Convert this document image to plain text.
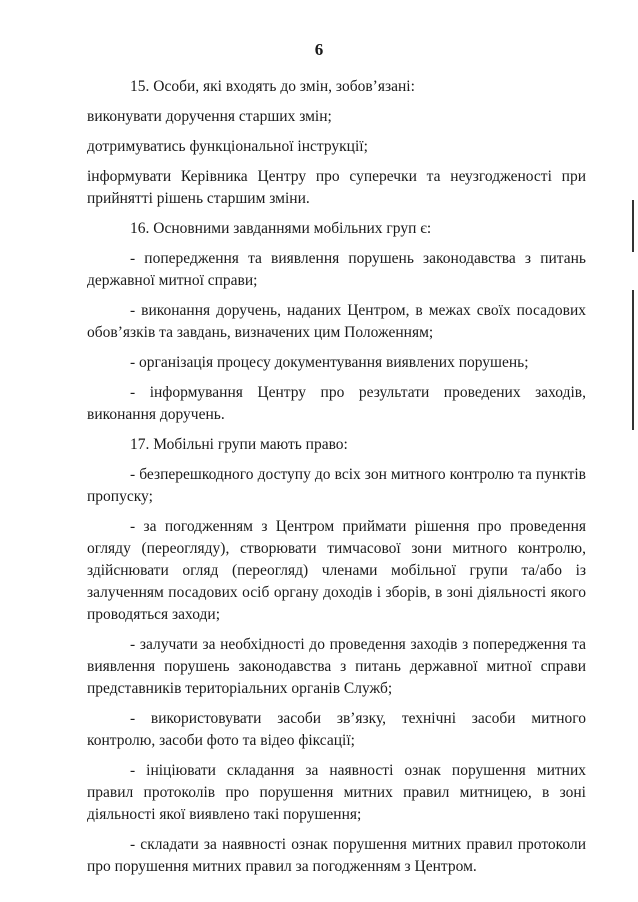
6

15. Особи, які входять до змін, зобов’язані:

виконувати доручення старших змін;

дотримуватись функціональної інструкції;

інформувати Керівника Центру про суперечки та неузгодженості при прийнятті рішень старшим зміни.

16. Основними завданнями мобільних груп є:

- попередження та виявлення порушень законодавства з питань державної митної справи;

- виконання доручень, наданих Центром, в межах своїх посадових обов’язків та завдань, визначених цим Положенням;

- організація процесу документування виявлених порушень;

- інформування Центру про результати проведених заходів, виконання доручень.

17. Мобільні групи мають право:

- безперешкодного доступу до всіх зон митного контролю та пунктів пропуску;

- за погодженням з Центром приймати рішення про проведення огляду (переогляду), створювати тимчасової зони митного контролю, здійснювати огляд (переогляд) членами мобільної групи та/або із залученням посадових осіб органу доходів і зборів, в зоні діяльності якого проводяться заходи;

- залучати за необхідності до проведення заходів з попередження та виявлення порушень законодавства з питань державної митної справи представників територіальних органів Служб;

- використовувати засоби зв’язку, технічні засоби митного контролю, засоби фото та відео фіксації;

- ініціювати складання за наявності ознак порушення митних правил протоколів про порушення митних правил митницею, в зоні діяльності якої виявлено такі порушення;

- складати за наявності ознак порушення митних правил протоколи про порушення митних правил за погодженням з Центром.
